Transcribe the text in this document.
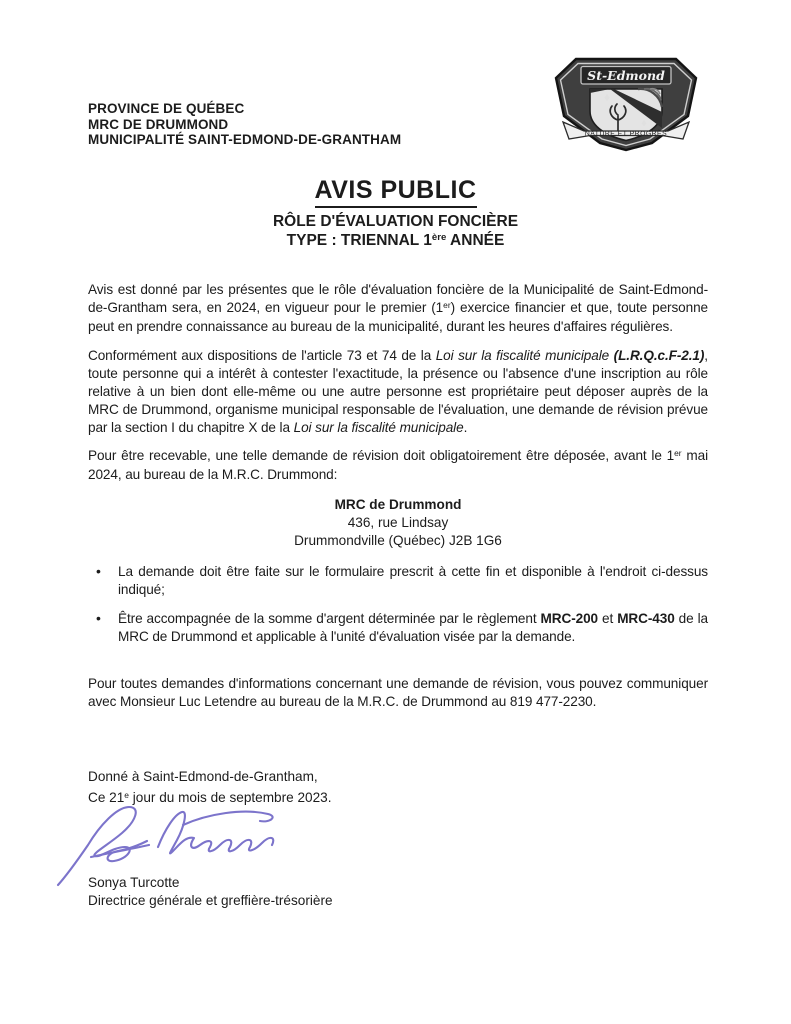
PROVINCE DE QUÉBEC
MRC DE DRUMMOND
MUNICIPALITÉ SAINT-EDMOND-DE-GRANTHAM
St-Edmond
NATURE ET PROGRÈS
AVIS PUBLIC
RÔLE D'ÉVALUATION FONCIÈRE
TYPE : TRIENNAL 1ère ANNÉE

Avis est donné par les présentes que le rôle d'évaluation foncière de la Municipalité de Saint-Edmond-de-Grantham sera, en 2024, en vigueur pour le premier (1er) exercice financier et que, toute personne peut en prendre connaissance au bureau de la municipalité, durant les heures d'affaires régulières.

Conformément aux dispositions de l'article 73 et 74 de la Loi sur la fiscalité municipale (L.R.Q.c.F-2.1), toute personne qui a intérêt à contester l'exactitude, la présence ou l'absence d'une inscription au rôle relative à un bien dont elle-même ou une autre personne est propriétaire peut déposer auprès de la MRC de Drummond, organisme municipal responsable de l'évaluation, une demande de révision prévue par la section I du chapitre X de la Loi sur la fiscalité municipale.

Pour être recevable, une telle demande de révision doit obligatoirement être déposée, avant le 1er mai 2024, au bureau de la M.R.C. Drummond:

MRC de Drummond
436, rue Lindsay
Drummondville (Québec) J2B 1G6
• La demande doit être faite sur le formulaire prescrit à cette fin et disponible à l'endroit ci-dessus indiqué;
• Être accompagnée de la somme d'argent déterminée par le règlement MRC-200 et MRC-430 de la MRC de Drummond et applicable à l'unité d'évaluation visée par la demande.

Pour toutes demandes d'informations concernant une demande de révision, vous pouvez communiquer avec Monsieur Luc Letendre au bureau de la M.R.C. de Drummond au 819 477-2230.

Donné à Saint-Edmond-de-Grantham,
Ce 21e jour du mois de septembre 2023.
Sonya Turcotte
Directrice générale et greffière-trésorière
